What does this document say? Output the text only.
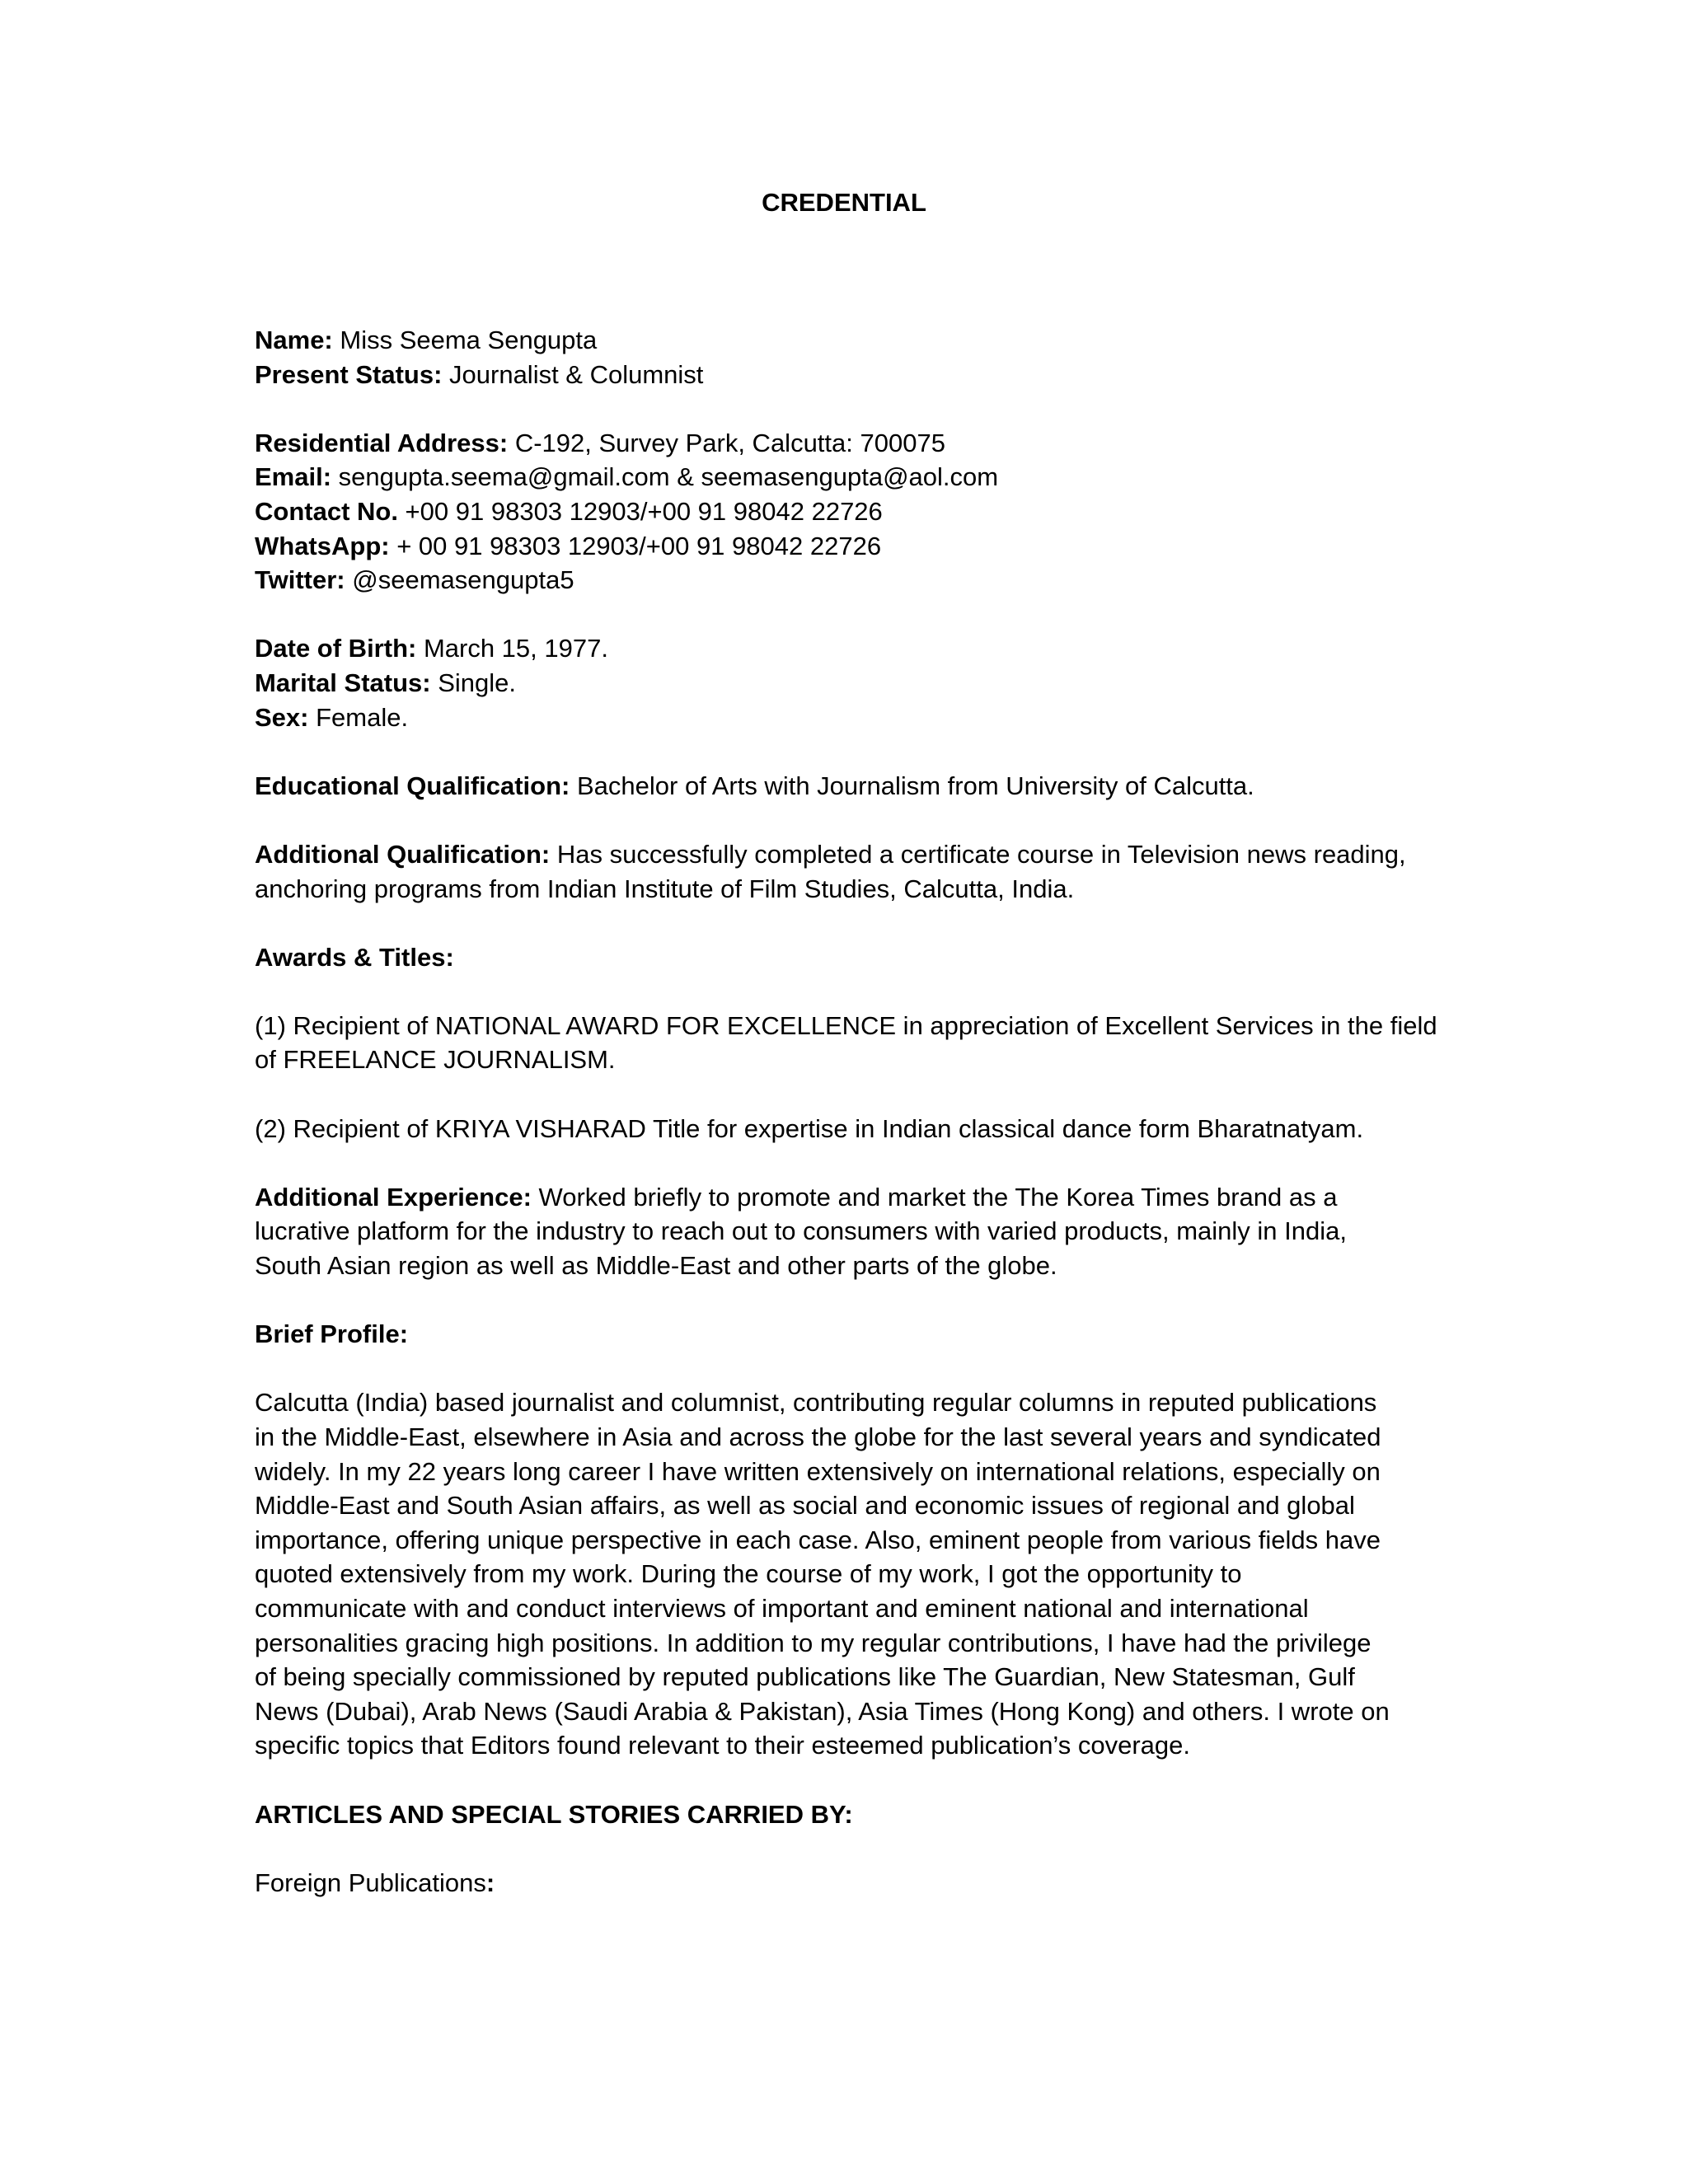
CREDENTIAL
Name: Miss Seema Sengupta
Present Status: Journalist & Columnist
Residential Address: C-192, Survey Park, Calcutta: 700075
Email: sengupta.seema@gmail.com & seemasengupta@aol.com
Contact No. +00 91 98303 12903/+00 91 98042 22726
WhatsApp: + 00 91 98303 12903/+00 91 98042 22726
Twitter: @seemasengupta5
Date of Birth: March 15, 1977.
Marital Status: Single.
Sex: Female.
Educational Qualification: Bachelor of Arts with Journalism from University of Calcutta.
Additional Qualification: Has successfully completed a certificate course in Television news reading,
anchoring programs from Indian Institute of Film Studies, Calcutta, India.
Awards & Titles:
(1) Recipient of NATIONAL AWARD FOR EXCELLENCE in appreciation of Excellent Services in the field
of FREELANCE JOURNALISM.
(2) Recipient of KRIYA VISHARAD Title for expertise in Indian classical dance form Bharatnatyam.
Additional Experience: Worked briefly to promote and market the The Korea Times brand as a
lucrative platform for the industry to reach out to consumers with varied products, mainly in India,
South Asian region as well as Middle-East and other parts of the globe.
Brief Profile:
Calcutta (India) based journalist and columnist, contributing regular columns in reputed publications
in the Middle-East, elsewhere in Asia and across the globe for the last several years and syndicated
widely. In my 22 years long career I have written extensively on international relations, especially on
Middle-East and South Asian affairs, as well as social and economic issues of regional and global
importance, offering unique perspective in each case. Also, eminent people from various fields have
quoted extensively from my work. During the course of my work, I got the opportunity to
communicate with and conduct interviews of important and eminent national and international
personalities gracing high positions. In addition to my regular contributions, I have had the privilege
of being specially commissioned by reputed publications like The Guardian, New Statesman, Gulf
News (Dubai), Arab News (Saudi Arabia & Pakistan), Asia Times (Hong Kong) and others. I wrote on
specific topics that Editors found relevant to their esteemed publication’s coverage.
ARTICLES AND SPECIAL STORIES CARRIED BY:
Foreign Publications:
